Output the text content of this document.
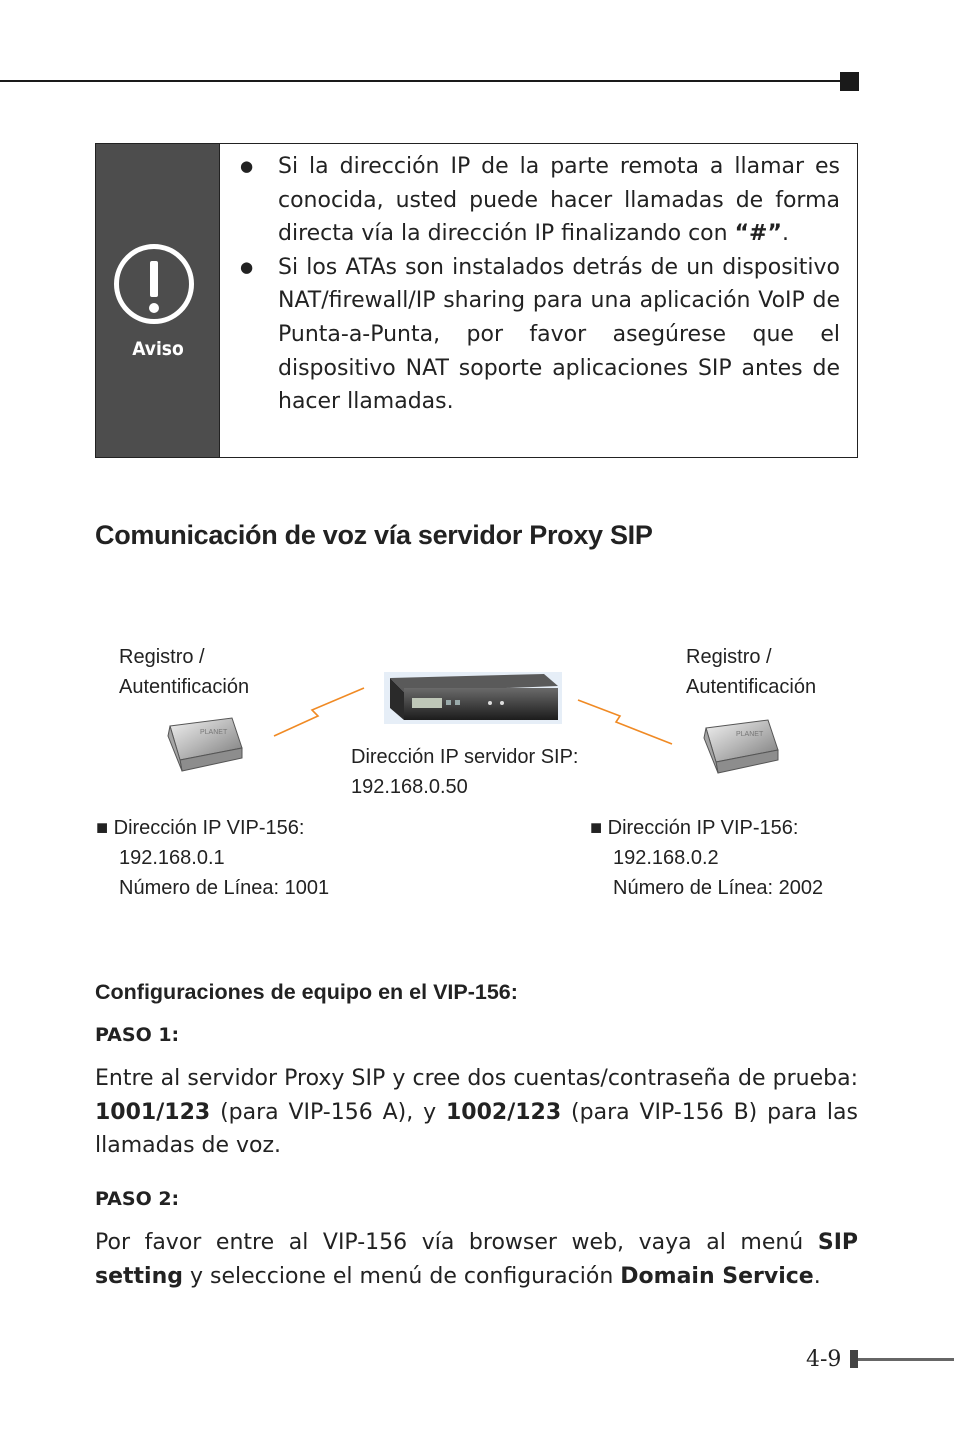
Aviso
● Si la dirección IP de la parte remota a llamar es conocida, usted puede hacer llamadas de forma directa vía la dirección IP finalizando con “#”.
● Si los ATAs son instalados detrás de un dispositivo NAT/firewall/IP sharing para una aplicación VoIP de Punta-a-Punta, por favor asegúrese que el dispositivo NAT soporte aplicaciones SIP antes de hacer llamadas.
Comunicación de voz vía servidor Proxy SIP
PLANET	PLANET
Registro /
Autentificación
Registro /
Autentificación
Dirección IP servidor SIP:
192.168.0.50
■ Dirección IP VIP-156:
192.168.0.1
Número de Línea: 1001
■ Dirección IP VIP-156:
192.168.0.2
Número de Línea: 2002
Configuraciones de equipo en el VIP-156:
PASO 1:
Entre al servidor Proxy SIP y cree dos cuentas/contraseña de prueba: 1001/123 (para VIP-156 A), y 1002/123 (para VIP-156 B) para las llamadas de voz.
PASO 2:
Por favor entre al VIP-156 vía browser web, vaya al menú SIP setting y seleccione el menú de configuración Domain Service.
4-9
